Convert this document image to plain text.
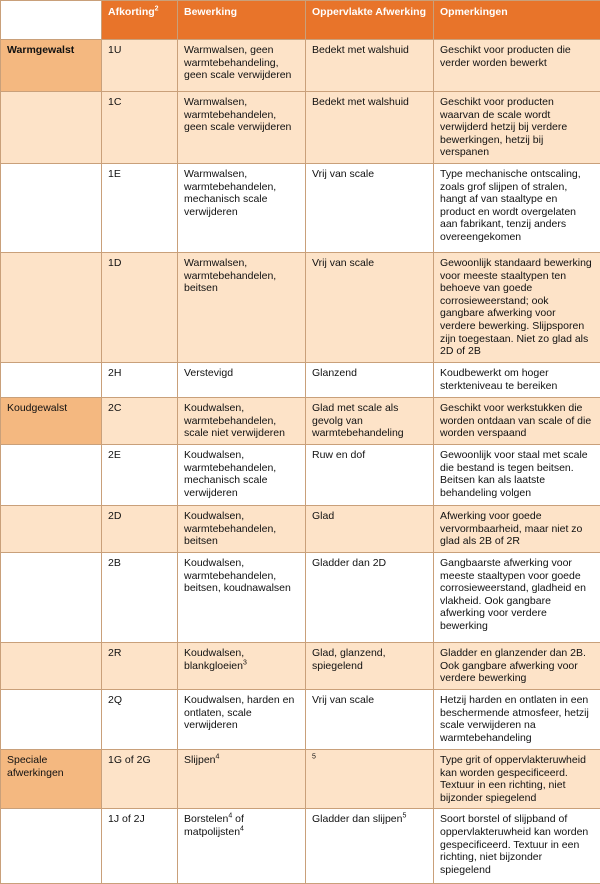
	Afkorting$^2$	Bewerking	Oppervlakte Afwerking	Opmerkingen
Warmgewalst	1U	Warmwalsen, geen warmtebehandeling, geen scale verwijderen	Bedekt met walshuid	Geschikt voor producten die verder worden bewerkt
	1C	Warmwalsen, warmtebehandelen, geen scale verwijderen	Bedekt met walshuid	Geschikt voor producten waarvan de scale wordt verwijderd hetzij bij verdere bewerkingen, hetzij bij verspanen
	1E	Warmwalsen, warmtebehandelen, mechanisch scale verwijderen	Vrij van scale	Type mechanische ontscaling, zoals grof slijpen of stralen, hangt af van staaltype en product en wordt overgelaten aan fabrikant, tenzij anders overeengekomen
	1D	Warmwalsen, warmtebehandelen, beitsen	Vrij van scale	Gewoonlijk standaard bewerking voor meeste staaltypen ten behoeve van goede corrosieweerstand; ook gangbare afwerking voor verdere bewerking. Slijpsporen zijn toegestaan. Niet zo glad als 2D of 2B
	2H	Verstevigd	Glanzend	Koudbewerkt om hoger sterkteniveau te bereiken
Koudgewalst	2C	Koudwalsen, warmtebehandelen, scale niet verwijderen	Glad met scale als gevolg van warmtebehandeling	Geschikt voor werkstukken die worden ontdaan van scale of die worden verspaand
	2E	Koudwalsen, warmtebehandelen, mechanisch scale verwijderen	Ruw en dof	Gewoonlijk voor staal met scale die bestand is tegen beitsen. Beitsen kan als laatste behandeling volgen
	2D	Koudwalsen, warmtebehandelen, beitsen	Glad	Afwerking voor goede vervormbaarheid, maar niet zo glad als 2B of 2R
	2B	Koudwalsen, warmtebehandelen, beitsen, koudnawalsen	Gladder dan 2D	Gangbaarste afwerking voor meeste staaltypen voor goede corrosieweerstand, gladheid en vlakheid. Ook gangbare afwerking voor verdere bewerking
	2R	Koudwalsen, blankgloeien$^3$	Glad, glanzend, spiegelend	Gladder en glanzender dan 2B. Ook gangbare afwerking voor verdere bewerking
	2Q	Koudwalsen, harden en ontlaten, scale verwijderen	Vrij van scale	Hetzij harden en ontlaten in een beschermende atmosfeer, hetzij scale verwijderen na warmtebehandeling
Speciale afwerkingen	1G of 2G	Slijpen$^4$	$^5$	Type grit of oppervlakteruwheid kan worden gespecificeerd. Textuur in een richting, niet bijzonder spiegelend
	1J of 2J	Borstelen$^4$ of matpolijsten$^4$	Gladder dan slijpen$^5$	Soort borstel of slijpband of oppervlakteruwheid kan worden gespecificeerd. Textuur in een richting, niet bijzonder spiegelend
